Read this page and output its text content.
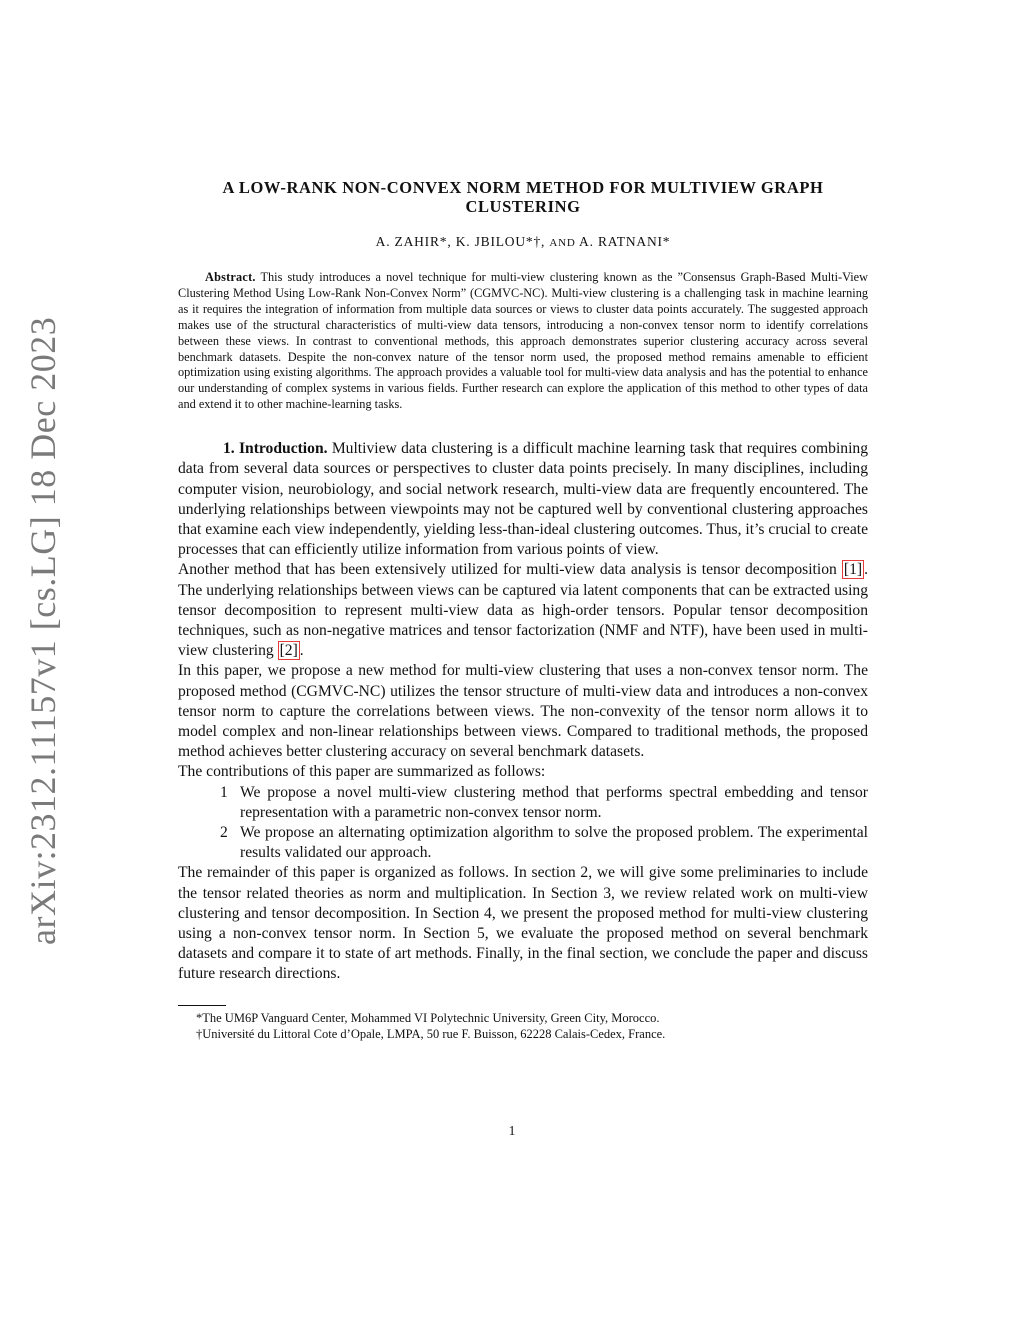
arXiv:2312.11157v1 [cs.LG] 18 Dec 2023
A LOW-RANK NON-CONVEX NORM METHOD FOR MULTIVIEW GRAPH
CLUSTERING
A. ZAHIR*, K. JBILOU*†, AND A. RATNANI*
Abstract. This study introduces a novel technique for multi-view clustering known as the ”Consensus Graph-Based Multi-View Clustering Method Using Low-Rank Non-Convex Norm” (CGMVC-NC). Multi-view clustering is a challenging task in machine learning as it requires the integration of information from multiple data sources or views to cluster data points accurately. The suggested approach makes use of the structural characteristics of multi-view data tensors, introducing a non-convex tensor norm to identify correlations between these views. In contrast to conventional methods, this approach demonstrates superior clustering accuracy across several benchmark datasets. Despite the non-convex nature of the tensor norm used, the proposed method remains amenable to efficient optimization using existing algorithms. The approach provides a valuable tool for multi-view data analysis and has the potential to enhance our understanding of complex systems in various fields. Further research can explore the application of this method to other types of data and extend it to other machine-learning tasks.

1. Introduction. Multiview data clustering is a difficult machine learning task that requires combining data from several data sources or perspectives to cluster data points precisely. In many disciplines, including computer vision, neurobiology, and social network research, multi-view data are frequently encountered. The underlying relationships between viewpoints may not be captured well by conventional clustering approaches that examine each view independently, yielding less-than-ideal clustering outcomes. Thus, it’s crucial to create processes that can efficiently utilize information from various points of view.

Another method that has been extensively utilized for multi-view data analysis is tensor decomposition [1] . The underlying relationships between views can be captured via latent components that can be extracted using tensor decomposition to represent multi-view data as high-order tensors. Popular tensor decomposition techniques, such as non-negative matrices and tensor factorization (NMF and NTF), have been used in multi-view clustering [2] .

In this paper, we propose a new method for multi-view clustering that uses a non-convex tensor norm. The proposed method (CGMVC-NC) utilizes the tensor structure of multi-view data and introduces a non-convex tensor norm to capture the correlations between views. The non-convexity of the tensor norm allows it to model complex and non-linear relationships between views. Compared to traditional methods, the proposed method achieves better clustering accuracy on several benchmark datasets.

The contributions of this paper are summarized as follows:

1 We propose a novel multi-view clustering method that performs spectral embedding and tensor representation with a parametric non-convex tensor norm.
2 We propose an alternating optimization algorithm to solve the proposed problem. The experimental results validated our approach.

The remainder of this paper is organized as follows. In section 2, we will give some preliminaries to include the tensor related theories as norm and multiplication. In Section 3, we review related work on multi-view clustering and tensor decomposition. In Section 4, we present the proposed method for multi-view clustering using a non-convex tensor norm. In Section 5, we evaluate the proposed method on several benchmark datasets and compare it to state of art methods. Finally, in the final section, we conclude the paper and discuss future research directions.

*The UM6P Vanguard Center, Mohammed VI Polytechnic University, Green City, Morocco.
†Université du Littoral Cote d’Opale, LMPA, 50 rue F. Buisson, 62228 Calais-Cedex, France.
1
